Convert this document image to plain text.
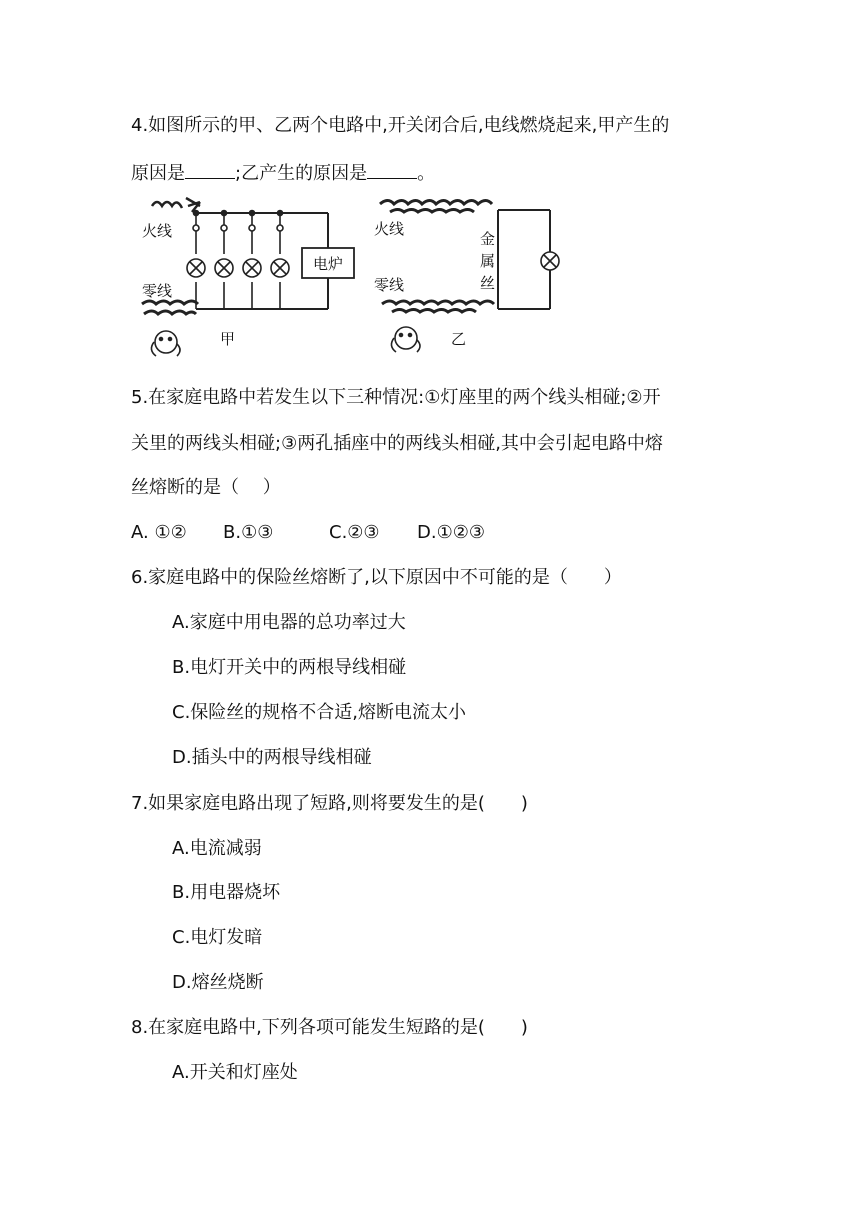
4.如图所示的甲、乙两个电路中,开关闭合后,电线燃烧起来,甲产生的
原因是	;乙产生的原因是	。
电炉
火线
零线
甲
火线
零线
金 属 丝
乙
5.在家庭电路中若发生以下三种情况:①灯座里的两个线头相碰;②开
关里的两线头相碰;③两孔插座中的两线头相碰,其中会引起电路中熔
丝熔断的是（　 ）
A. ①② B.①③	C.②③ D.①②③
6.家庭电路中的保险丝熔断了,以下原因中不可能的是（　　）
A.家庭中用电器的总功率过大
B.电灯开关中的两根导线相碰
C.保险丝的规格不合适,熔断电流太小
D.插头中的两根导线相碰
7.如果家庭电路出现了短路,则将要发生的是(　　)
A.电流减弱
B.用电器烧坏
C.电灯发暗
D.熔丝烧断
8.在家庭电路中,下列各项可能发生短路的是(　　)
A.开关和灯座处
